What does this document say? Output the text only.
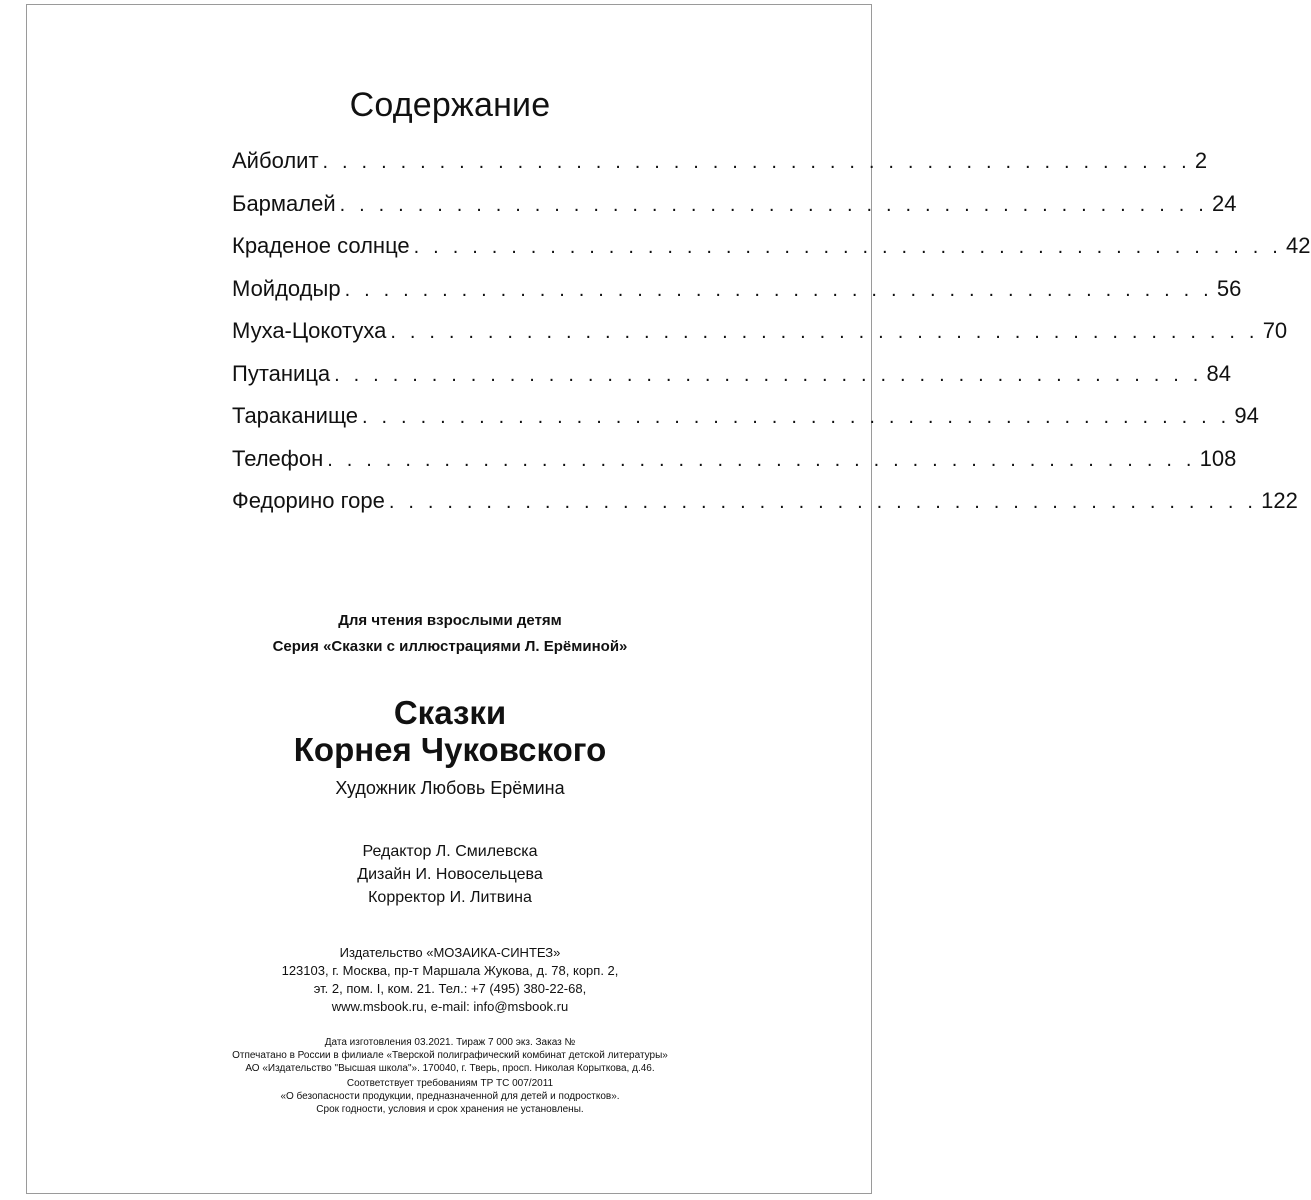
Содержание
Айболит . . . . . . . . . . . . . . . . . . . . . . . . . . . . . . . . . . . . . . . . . . . . . 2
Бармалей . . . . . . . . . . . . . . . . . . . . . . . . . . . . . . . . . . . . . . . . . . . . . 24
Краденое солнце . . . . . . . . . . . . . . . . . . . . . . . . . . . . . . . . . . . . . . . . . . . . . 42
Мойдодыр . . . . . . . . . . . . . . . . . . . . . . . . . . . . . . . . . . . . . . . . . . . . . 56
Муха-Цокотуха . . . . . . . . . . . . . . . . . . . . . . . . . . . . . . . . . . . . . . . . . . . . . 70
Путаница . . . . . . . . . . . . . . . . . . . . . . . . . . . . . . . . . . . . . . . . . . . . . 84
Тараканище . . . . . . . . . . . . . . . . . . . . . . . . . . . . . . . . . . . . . . . . . . . . . 94
Телефон . . . . . . . . . . . . . . . . . . . . . . . . . . . . . . . . . . . . . . . . . . . . . 108
Федорино горе . . . . . . . . . . . . . . . . . . . . . . . . . . . . . . . . . . . . . . . . . . . . . 122
Для чтения взрослыми детям
Серия «Сказки с иллюстрациями Л. Ерёминой»
Сказки
Корнея Чуковского
Художник Любовь Ерёмина
Редактор Л. Смилевска
Дизайн И. Новосельцева
Корректор И. Литвина
Издательство «МОЗАИКА-СИНТЕЗ»
123103, г. Москва, пр-т Маршала Жукова, д. 78, корп. 2,
эт. 2, пом. I, ком. 21. Тел.: +7 (495) 380-22-68,
www.msbook.ru, e-mail: info@msbook.ru
Дата изготовления 03.2021. Тираж 7 000 экз. Заказ №
Отпечатано в России в филиале «Тверской полиграфический комбинат детской литературы»
АО «Издательство "Высшая школа"». 170040, г. Тверь, просп. Николая Корыткова, д.46.
Соответствует требованиям ТР ТС 007/2011
«О безопасности продукции, предназначенной для детей и подростков».
Срок годности, условия и срок хранения не установлены.
